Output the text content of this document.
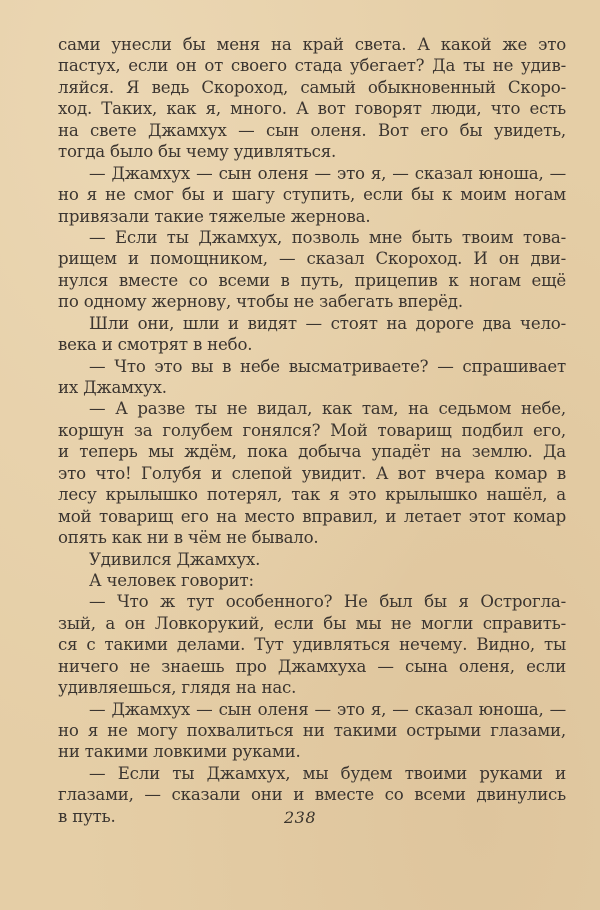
сами унесли бы меня на край света. А какой же это
пастух, если он от своего стада убегает? Да ты не удив-
ляйся. Я ведь Скороход, самый обыкновенный Скоро-
ход. Таких, как я, много. А вот говорят люди, что есть
на свете Джамхух — сын оленя. Вот его бы увидеть,
тогда было бы чему удивляться.
— Джамхух — сын оленя — это я, — сказал юноша, —
но я не смог бы и шагу ступить, если бы к моим ногам
привязали такие тяжелые жернова.
— Если ты Джамхух, позволь мне быть твоим това-
рищем и помощником, — сказал Скороход. И он дви-
нулся вместе со всеми в путь, прицепив к ногам ещё
по одному жернову, чтобы не забегать вперёд.
Шли они, шли и видят — стоят на дороге два чело-
века и смотрят в небо.
— Что это вы в небе высматриваете? — спрашивает
их Джамхух.
— А разве ты не видал, как там, на седьмом небе,
коршун за голубем гонялся? Мой товарищ подбил его,
и теперь мы ждём, пока добыча упадёт на землю. Да
это что! Голубя и слепой увидит. А вот вчера комар в
лесу крылышко потерял, так я это крылышко нашёл, а
мой товарищ его на место вправил, и летает этот комар
опять как ни в чём не бывало.
Удивился Джамхух.
А человек говорит:
— Что ж тут особенного? Не был бы я Острогла-
зый, а он Ловкорукий, если бы мы не могли справить-
ся с такими делами. Тут удивляться нечему. Видно, ты
ничего не знаешь про Джамхуха — сына оленя, если
удивляешься, глядя на нас.
— Джамхух — сын оленя — это я, — сказал юноша, —
но я не могу похвалиться ни такими острыми глазами,
ни такими ловкими руками.
— Если ты Джамхух, мы будем твоими руками и
глазами, — сказали они и вместе со всеми двинулись
в путь.	238
